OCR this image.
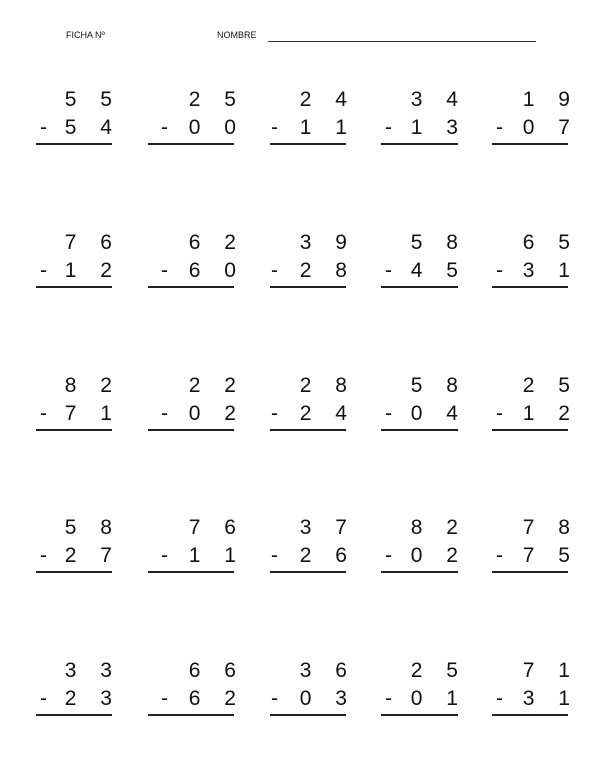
FICHA Nº	NOMBRE
5 5
- 5 4
2 5
- 0 0
2 4
- 1 1
3 4
- 1 3
1 9
- 0 7
7 6
- 1 2
6 2
- 6 0
3 9
- 2 8
5 8
- 4 5
6 5
- 3 1
8 2
- 7 1
2 2
- 0 2
2 8
- 2 4
5 8
- 0 4
2 5
- 1 2
5 8
- 2 7
7 6
- 1 1
3 7
- 2 6
8 2
- 0 2
7 8
- 7 5
3 3
- 2 3
6 6
- 6 2
3 6
- 0 3
2 5
- 0 1
7 1
- 3 1
